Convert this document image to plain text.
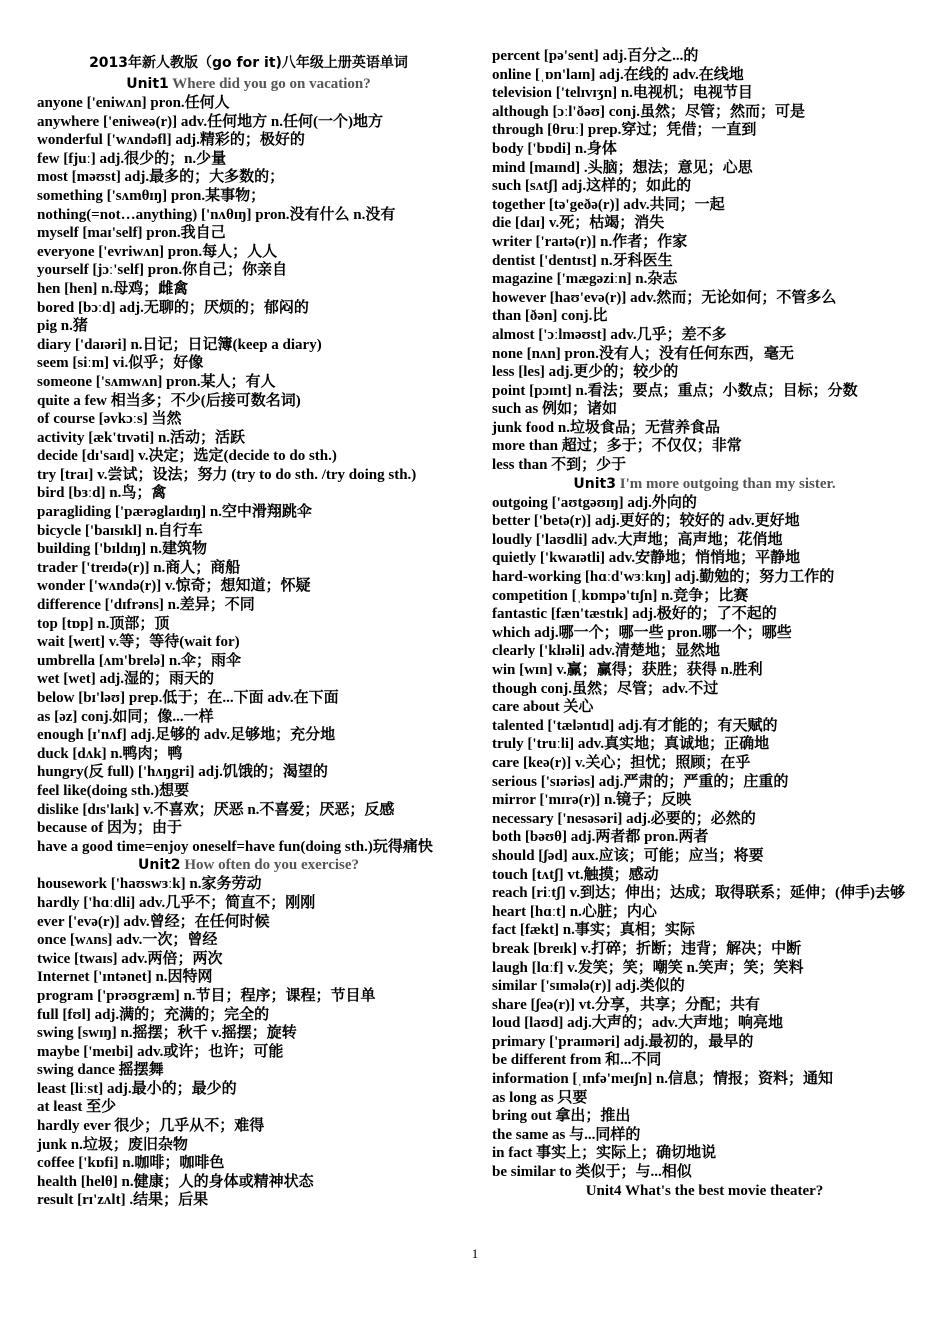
2013年新人教版（go for it)八年级上册英语单词
Unit1 Where did you go on vacation?
anyone ['eniwʌn] pron.任何人
anywhere ['eniweə(r)] adv.任何地方 n.任何(一个)地方
wonderful ['wʌndəfl] adj.精彩的；极好的
few [fjuː] adj.很少的；n.少量
most [məʊst] adj.最多的；大多数的；
something ['sʌmθɪŋ] pron.某事物；
nothing(=not…anything) ['nʌθɪŋ] pron.没有什么 n.没有
myself [maɪ'self] pron.我自己
everyone ['evriwʌn] pron.每人；人人
yourself [jɔː'self] pron.你自己；你亲自
hen [hen] n.母鸡；雌禽
bored [bɔːd] adj.无聊的；厌烦的；郁闷的
pig n.猪
diary ['daɪəri] n.日记；日记簿(keep a diary)
seem [siːm] vi.似乎；好像
someone ['sʌmwʌn] pron.某人；有人
quite a few 相当多；不少(后接可数名词)
of course [əvkɔːs] 当然
activity [æk'tɪvəti] n.活动；活跃
decide [dɪ'saɪd] v.决定；选定(decide to do sth.)
try [traɪ] v.尝试；设法；努力 (try to do sth. /try doing sth.)
bird [bɜːd] n.鸟；禽
paragliding ['pærəglaɪdɪŋ] n.空中滑翔跳伞
bicycle ['baɪsɪkl] n.自行车
building ['bɪldɪŋ] n.建筑物
trader ['treɪdə(r)] n.商人；商船
wonder ['wʌndə(r)] v.惊奇；想知道；怀疑
difference ['dɪfrəns] n.差异；不同
top [tɒp] n.顶部；顶
wait [weɪt] v.等；等待(wait for)
umbrella [ʌm'brelə] n.伞；雨伞
wet [wet] adj.湿的；雨天的
below [bɪ'ləʊ] prep.低于；在...下面 adv.在下面
as [əz] conj.如同；像...一样
enough [ɪ'nʌf] adj.足够的 adv.足够地；充分地
duck [dʌk] n.鸭肉；鸭
hungry(反 full) ['hʌŋgri] adj.饥饿的；渴望的
feel like(doing sth.)想要
dislike [dɪs'laɪk] v.不喜欢；厌恶 n.不喜爱；厌恶；反感
because of 因为；由于
have a good time=enjoy oneself=have fun(doing sth.)玩得痛快
Unit2 How often do you exercise?
housework ['haʊswɜːk] n.家务劳动
hardly ['hɑːdli] adv.几乎不；简直不；刚刚
ever ['evə(r)] adv.曾经；在任何时候
once [wʌns] adv.一次；曾经
twice [twaɪs] adv.两倍；两次
Internet ['ɪntənet] n.因特网
program ['prəʊgræm] n.节目；程序；课程；节目单
full [fʊl] adj.满的；充满的；完全的
swing [swɪŋ] n.摇摆；秋千 v.摇摆；旋转
maybe ['meɪbi] adv.或许；也许；可能
swing dance 摇摆舞
least [liːst] adj.最小的；最少的
at least 至少
hardly ever 很少；几乎从不；难得
junk n.垃圾；废旧杂物
coffee ['kɒfi] n.咖啡；咖啡色
health [helθ] n.健康；人的身体或精神状态
result [rɪ'zʌlt] .结果；后果
percent [pə'sent] adj.百分之...的
online [ˌɒn'laɪn] adj.在线的 adv.在线地
television ['telɪvɪʒn] n.电视机；电视节目
although [ɔːl'ðəʊ] conj.虽然；尽管；然而；可是
through [θruː] prep.穿过；凭借；一直到
body ['bɒdi] n.身体
mind [maɪnd] .头脑；想法；意见；心思
such [sʌtʃ] adj.这样的；如此的
together [tə'geðə(r)] adv.共同；一起
die [daɪ] v.死；枯竭；消失
writer ['raɪtə(r)] n.作者；作家
dentist ['dentɪst] n.牙科医生
magazine ['mægəziːn] n.杂志
however [haʊ'evə(r)] adv.然而；无论如何；不管多么
than [ðən] conj.比
almost ['ɔːlməʊst] adv.几乎；差不多
none [nʌn] pron.没有人；没有任何东西，毫无
less [les] adj.更少的；较少的
point [pɔɪnt] n.看法；要点；重点；小数点；目标；分数
such as 例如；诸如
junk food n.垃圾食品；无营养食品
more than 超过；多于；不仅仅；非常
less than 不到；少于
Unit3 I'm more outgoing than my sister.
outgoing ['aʊtgəʊɪŋ] adj.外向的
better ['betə(r)] adj.更好的；较好的 adv.更好地
loudly ['laʊdli] adv.大声地；高声地；花俏地
quietly ['kwaɪətli] adv.安静地；悄悄地；平静地
hard-working [hɑːd'wɜːkɪŋ] adj.勤勉的；努力工作的
competition [ˌkɒmpə'tɪʃn] n.竞争；比赛
fantastic [fæn'tæstɪk] adj.极好的；了不起的
which adj.哪一个；哪一些 pron.哪一个；哪些
clearly ['klɪəli] adv.清楚地；显然地
win [wɪn] v.赢；赢得；获胜；获得 n.胜利
though conj.虽然；尽管；adv.不过
care about 关心
talented ['tæləntɪd] adj.有才能的；有天赋的
truly ['truːli] adv.真实地；真诚地；正确地
care [keə(r)] v.关心；担忧；照顾；在乎
serious ['sɪəriəs] adj.严肃的；严重的；庄重的
mirror ['mɪrə(r)] n.镜子；反映
necessary ['nesəsəri] adj.必要的；必然的
both [bəʊθ] adj.两者都 pron.两者
should [ʃəd] aux.应该；可能；应当；将要
touch [tʌtʃ] vt.触摸；感动
reach [riːtʃ] v.到达；伸出；达成；取得联系；延伸；(伸手)去够
heart [hɑːt] n.心脏；内心
fact [fækt] n.事实；真相；实际
break [breɪk] v.打碎；折断；违背；解决；中断
laugh [lɑːf] v.发笑；笑；嘲笑 n.笑声；笑；笑料
similar ['sɪmələ(r)] adj.类似的
share [ʃeə(r)] vt.分享，共享；分配；共有
loud [laʊd] adj.大声的；adv.大声地；响亮地
primary ['praɪməri] adj.最初的，最早的
be different from 和...不同
information [ˌɪnfə'meɪʃn] n.信息；情报；资料；通知
as long as 只要
bring out 拿出；推出
the same as 与...同样的
in fact 事实上；实际上；确切地说
be similar to 类似于；与...相似
Unit4 What's the best movie theater?
1
